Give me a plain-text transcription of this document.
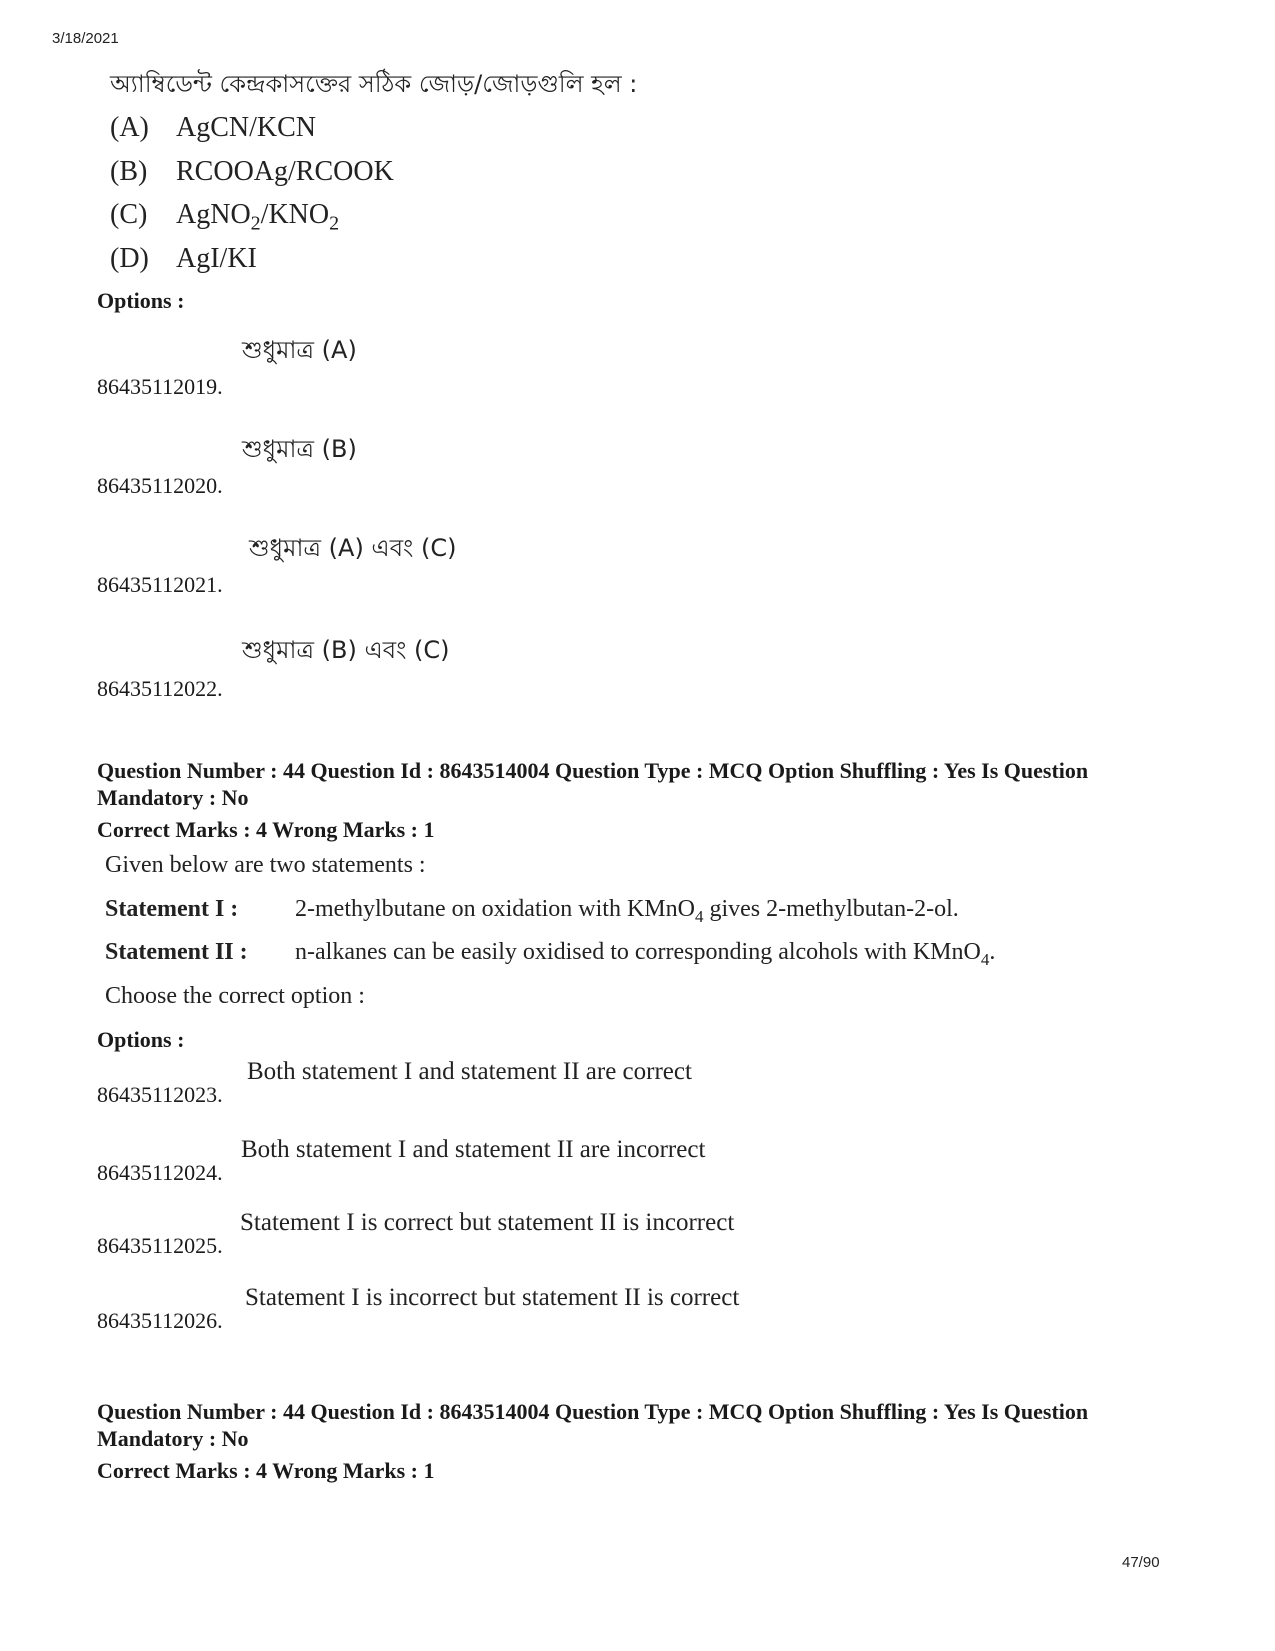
3/18/2021
অ্যাম্বিডেন্ট কেন্দ্রকাসক্তের সঠিক জোড়/জোড়গুলি হল :
(A) AgCN/KCN
(B) RCOOAg/RCOOK
(C) $AgNO_2/KNO_2$
(D) AgI/KI
Options :
86435112019.
শুধুমাত্র (A)
86435112020.
শুধুমাত্র (B)
86435112021.
শুধুমাত্র (A) এবং (C)
86435112022.
শুধুমাত্র (B) এবং (C)
Question Number : 44 Question Id : 8643514004 Question Type : MCQ Option Shuffling : Yes Is Question Mandatory : No
Correct Marks : 4 Wrong Marks : 1
Given below are two statements :
Statement I : 2-methylbutane on oxidation with KMnO$_4$ gives 2-methylbutan-2-ol.
Statement II : n-alkanes can be easily oxidised to corresponding alcohols with KMnO$_4$.
Choose the correct option :
Options :
86435112023.
Both statement I and statement II are correct
86435112024.
Both statement I and statement II are incorrect
86435112025.
Statement I is correct but statement II is incorrect
86435112026.
Statement I is incorrect but statement II is correct
Question Number : 44 Question Id : 8643514004 Question Type : MCQ Option Shuffling : Yes Is Question Mandatory : No
Correct Marks : 4 Wrong Marks : 1
47/90
